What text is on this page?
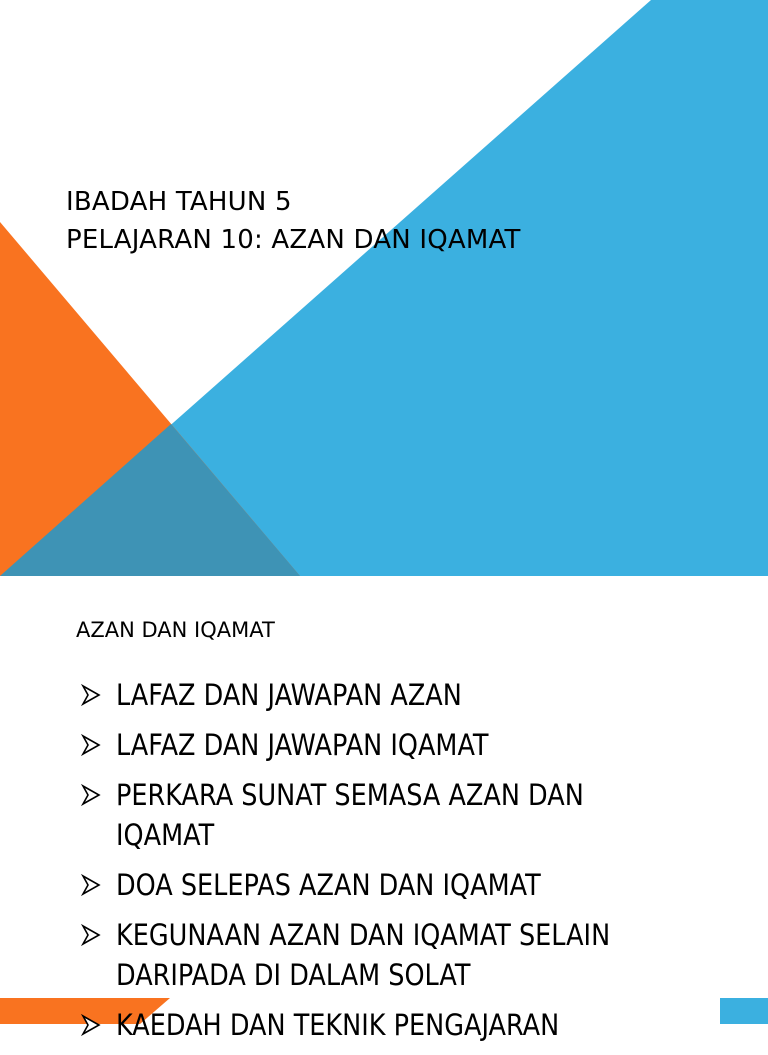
IBADAH TAHUN 5
PELAJARAN 10: AZAN DAN IQAMAT
AZAN DAN IQAMAT
LAFAZ DAN JAWAPAN AZAN
LAFAZ DAN JAWAPAN IQAMAT
PERKARA SUNAT SEMASA AZAN DAN
IQAMAT
DOA SELEPAS AZAN DAN IQAMAT
KEGUNAAN AZAN DAN IQAMAT SELAIN
DARIPADA DI DALAM SOLAT
KAEDAH DAN TEKNIK PENGAJARAN
